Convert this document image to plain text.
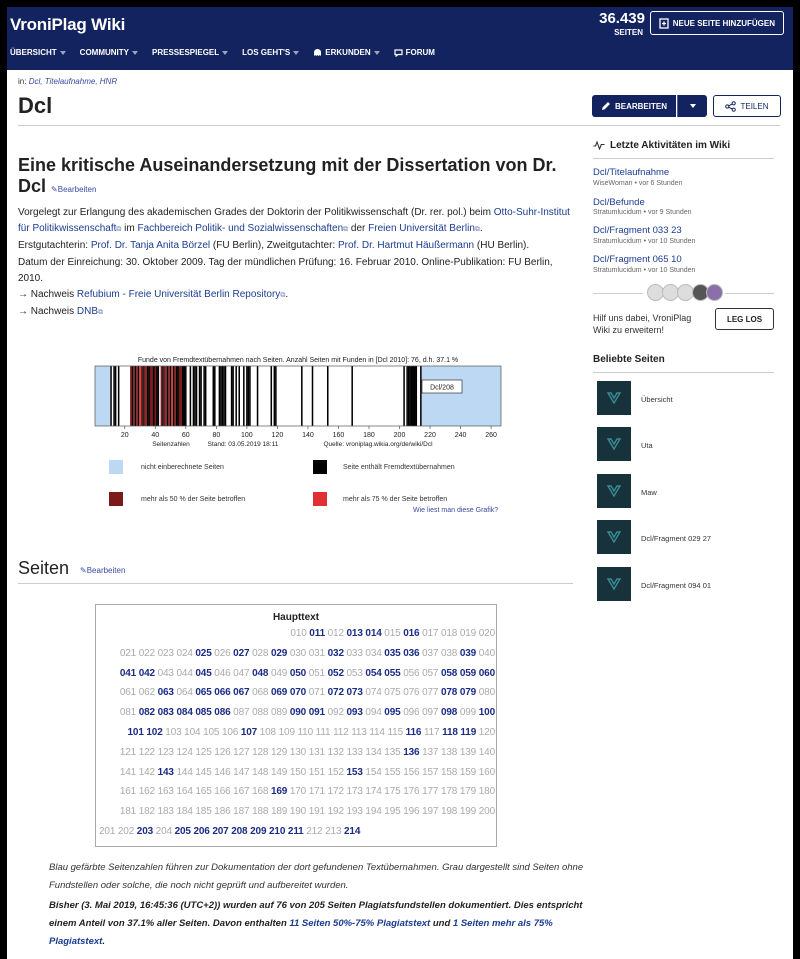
VroniPlag Wiki	36.439
SEITEN
NEUE SEITE HINZUFÜGEN
ÜBERSICHT	COMMUNITY	PRESSESPIEGEL	LOS GEHT'S	ERKUNDEN	FORUM
in: Dcl, Titelaufnahme, HNR
Dcl	BEARBEITEN	TEILEN
Eine kritische Auseinandersetzung mit der Dissertation von Dr. Dcl ✎Bearbeiten
Vorgelegt zur Erlangung des akademischen Grades der Doktorin der Politikwissenschaft (Dr. rer. pol.) beim Otto-Suhr-Institut für Politikwissenschaft⧉ im Fachbereich Politik- und Sozialwissenschaften⧉ der Freien Universität Berlin⧉.
Erstgutachterin: Prof. Dr. Tanja Anita Börzel (FU Berlin), Zweitgutachter: Prof. Dr. Hartmut Häußermann (HU Berlin).
Datum der Einreichung: 30. Oktober 2009. Tag der mündlichen Prüfung: 16. Februar 2010. Online-Publikation: FU Berlin, 2010.
→ Nachweis Refubium - Freie Universität Berlin Repository⧉.
→ Nachweis DNB⧉
Funde von Fremdtextübernahmen nach Seiten. Anzahl Seiten mit Funden in [Dcl 2010]: 76, d.h. 37.1 %
20	40	60	80	100	120	140	160	180	200	220	240	260
Dcl/208
Seitenzahlen	Stand: 03.05.2019 18:11	Quelle: vroniplag.wikia.org/de/wiki/Dcl
nicht einberechnete Seiten	Seite enthält Fremdtextübernahmen
mehr als 50 % der Seite betroffen	mehr als 75 % der Seite betroffen
Wie liest man diese Grafik?
Seiten ✎Bearbeiten
Haupttext
010 011 012 013 014 015 016 017 018 019 020
021 022 023 024 025 026 027 028 029 030 031 032 033 034 035 036 037 038 039 040
041 042 043 044 045 046 047 048 049 050 051 052 053 054 055 056 057 058 059 060
061 062 063 064 065 066 067 068 069 070 071 072 073 074 075 076 077 078 079 080
081 082 083 084 085 086 087 088 089 090 091 092 093 094 095 096 097 098 099 100
101 102 103 104 105 106 107 108 109 110 111 112 113 114 115 116 117 118 119 120
121 122 123 124 125 126 127 128 129 130 131 132 133 134 135 136 137 138 139 140
141 142 143 144 145 146 147 148 149 150 151 152 153 154 155 156 157 158 159 160
161 162 163 164 165 166 167 168 169 170 171 172 173 174 175 176 177 178 179 180
181 182 183 184 185 186 187 188 189 190 191 192 193 194 195 196 197 198 199 200
201 202 203 204 205 206 207 208 209 210 211 212 213 214
Blau gefärbte Seitenzahlen führen zur Dokumentation der dort gefundenen Textübernahmen. Grau dargestellt sind Seiten ohne Fundstellen oder solche, die noch nicht geprüft und aufbereitet wurden.
Bisher (3. Mai 2019, 16:45:36 (UTC+2)) wurden auf 76 von 205 Seiten Plagiatsfundstellen dokumentiert. Dies entspricht einem Anteil von 37.1% aller Seiten. Davon enthalten 11 Seiten 50%-75% Plagiatstext und 1 Seiten mehr als 75% Plagiatstext.
Letzte Aktivitäten im Wiki
Dcl/Titelaufnahme
WiseWoman • vor 6 Stunden
Dcl/Befunde
Stratumlucidum • vor 9 Stunden
Dcl/Fragment 033 23
Stratumlucidum • vor 10 Stunden
Dcl/Fragment 065 10
Stratumlucidum • vor 10 Stunden
Hilf uns dabei, VroniPlag Wiki zu erweitern!
LEG LOS
Beliebte Seiten
Übersicht
Uta
Maw
Dcl/Fragment 029 27
Dcl/Fragment 094 01
